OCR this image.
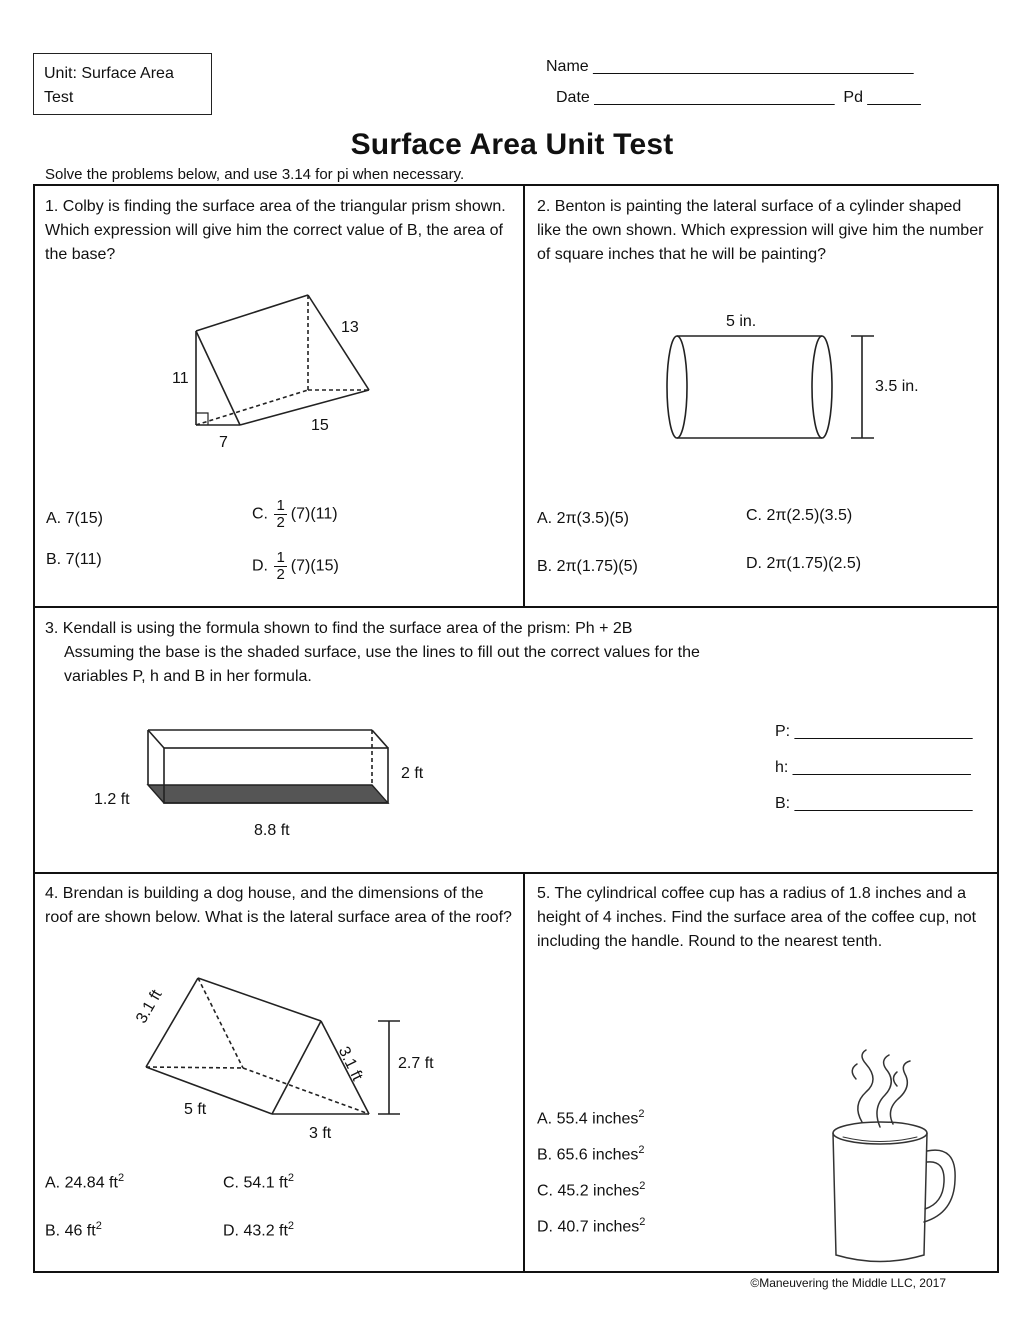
Unit: Surface Area Test
Name ____________________________________
Date ___________________________  Pd ______
Surface Area Unit Test
Solve the problems below, and use 3.14 for pi when necessary.
1. Colby is finding the surface area of the triangular prism shown. Which expression will give him the correct value of B, the area of the base?
11
13
15
7
A. 7(15)
B. 7(11)
C. $\frac{1}{2} (7)(11)$
D. $\frac{1}{2} (7)(15)$
2. Benton is painting the lateral surface of a cylinder shaped like the own shown. Which expression will give him the number of square inches that he will be painting?
5 in.
3.5 in.
A. 2π(3.5)(5)
B. 2π(1.75)(5)
C. 2π(2.5)(3.5)
D. 2π(1.75)(2.5)
3. Kendall is using the formula shown to find the surface area of the prism: Ph + 2B
Assuming the base is the shaded surface, use the lines to fill out the correct values for the
variables P, h and B in her formula.
1.2 ft
2 ft
8.8 ft
P: ____________________
h: ____________________
B: ____________________
4. Brendan is building a dog house, and the dimensions of the roof are shown below. What is the lateral surface area of the roof?
3.1 ft
3.1 ft 2.7 ft
5 ft
3 ft
A. 24.84 $ft^2$
B. 46 $ft^2$
C. 54.1 $ft^2$
D. 43.2 $ft^2$
5. The cylindrical coffee cup has a radius of 1.8 inches and a height of 4 inches. Find the surface area of the coffee cup, not including the handle. Round to the nearest tenth.
A. 55.4 inches$^2$
B. 65.6 inches$^2$
C. 45.2 inches$^2$
D. 40.7 inches$^2$
©Maneuvering the Middle LLC, 2017
